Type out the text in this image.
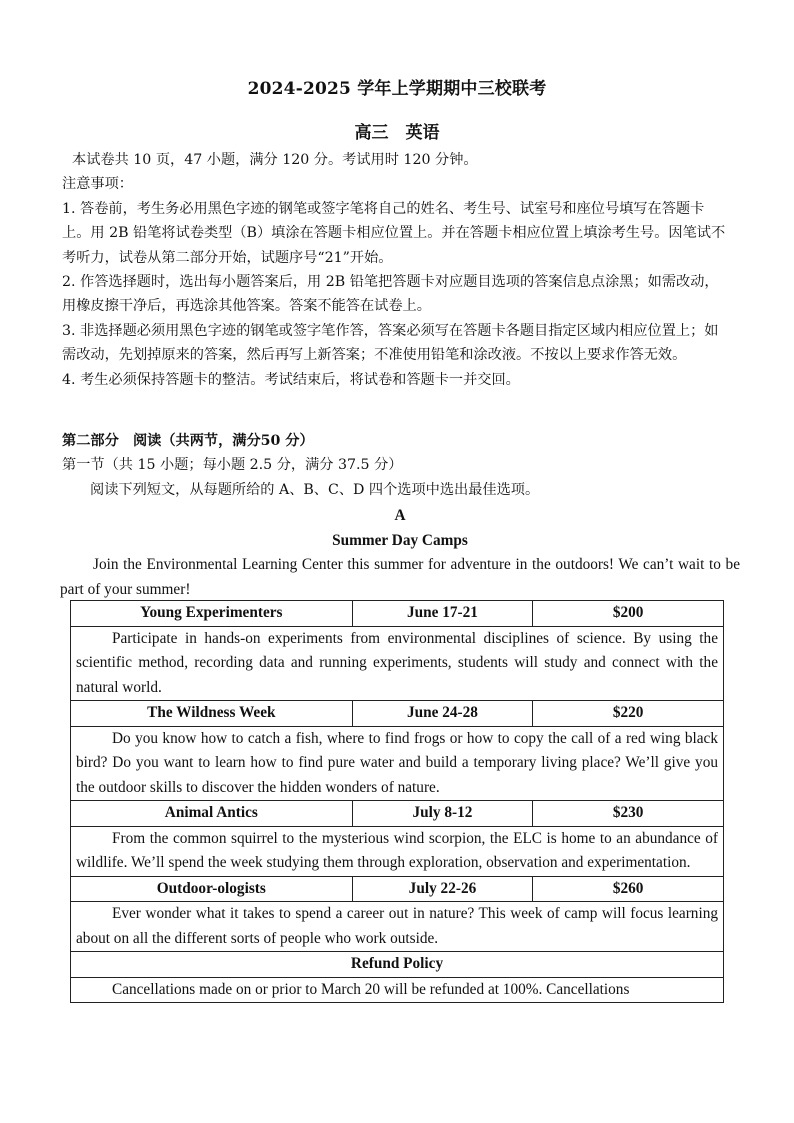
2024-2025 学年上学期期中三校联考
高三　英语
本试卷共 10 页，47 小题，满分 120 分。考试用时 120 分钟。
注意事项：
1. 答卷前，考生务必用黑色字迹的钢笔或签字笔将自己的姓名、考生号、试室号和座位号填写在答题卡上。用 2B 铅笔将试卷类型（B）填涂在答题卡相应位置上。并在答题卡相应位置上填涂考生号。因笔试不考听力，试卷从第二部分开始，试题序号“21”开始。
2. 作答选择题时，选出每小题答案后，用 2B 铅笔把答题卡对应题目选项的答案信息点涂黑；如需改动，用橡皮擦干净后，再选涂其他答案。答案不能答在试卷上。
3. 非选择题必须用黑色字迹的钢笔或签字笔作答，答案必须写在答题卡各题目指定区域内相应位置上；如需改动，先划掉原来的答案，然后再写上新答案；不准使用铅笔和涂改液。不按以上要求作答无效。
4. 考生必须保持答题卡的整洁。考试结束后，将试卷和答题卡一并交回。
第二部分　阅读（共两节，满分50 分）
第一节（共 15 小题；每小题 2.5 分，满分 37.5 分）
阅读下列短文，从每题所给的 A、B、C、D 四个选项中选出最佳选项。
A
Summer Day Camps
Join the Environmental Learning Center this summer for adventure in the outdoors! We can’t wait to be part of your summer!
Young Experimenters	June 17-21	$200
Participate in hands-on experiments from environmental disciplines of science. By using the scientific method, recording data and running experiments, students will study and connect with the natural world.		
The Wildness Week	June 24-28	$220
Do you know how to catch a fish, where to find frogs or how to copy the call of a red wing black bird? Do you want to learn how to find pure water and build a temporary living place? We’ll give you the outdoor skills to discover the hidden wonders of nature.		
Animal Antics	July 8-12	$230
From the common squirrel to the mysterious wind scorpion, the ELC is home to an abundance of wildlife. We’ll spend the week studying them through exploration, observation and experimentation.		
Outdoor-ologists	July 22-26	$260
Ever wonder what it takes to spend a career out in nature? This week of camp will focus learning about on all the different sorts of people who work outside.		
Refund Policy		
Cancellations made on or prior to March 20 will be refunded at 100%. Cancellations		
